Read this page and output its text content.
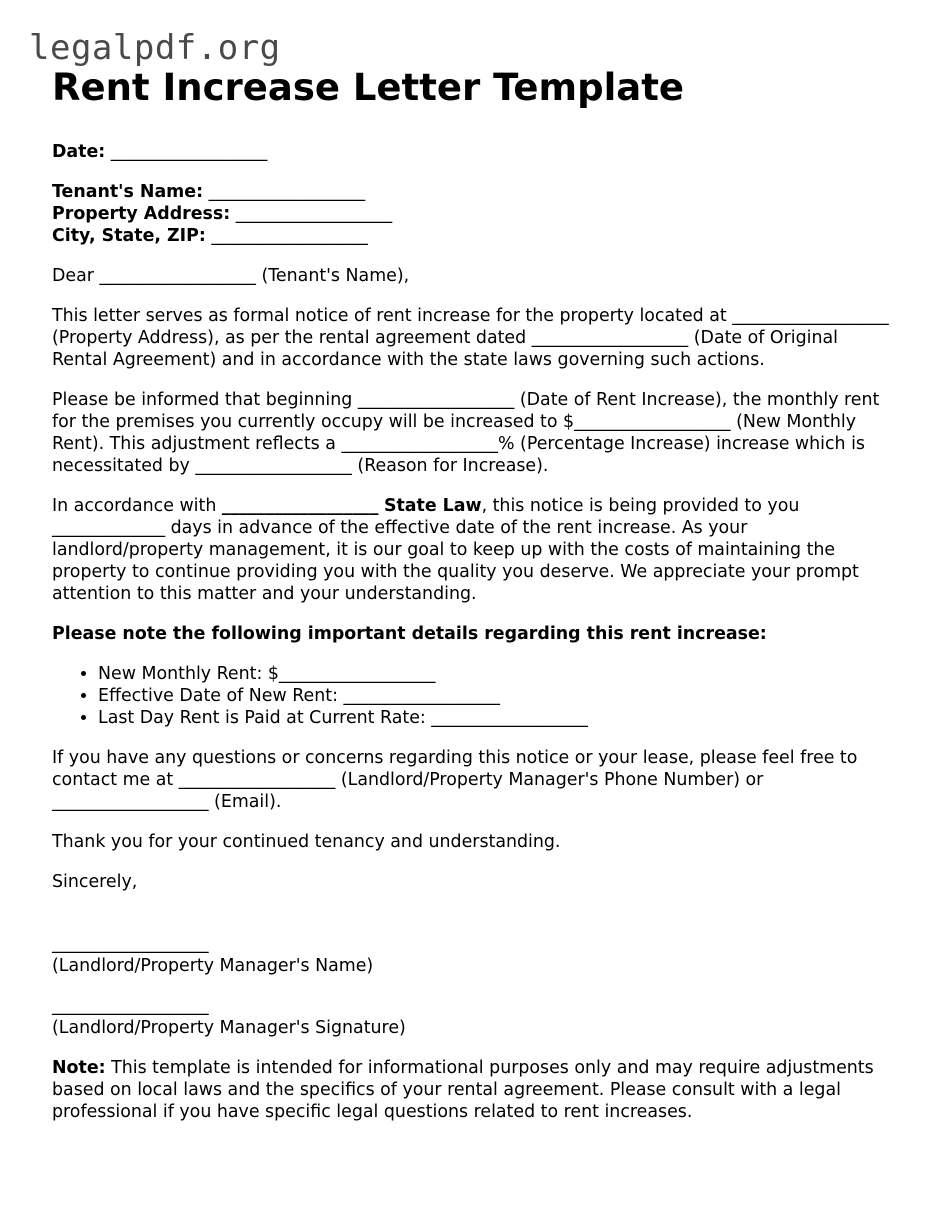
legalpdf.org
Rent Increase Letter Template

Date: __________________

Tenant's Name: __________________

Property Address: __________________

City, State, ZIP: __________________

Dear __________________ (Tenant's Name),

This letter serves as formal notice of rent increase for the property located at __________________ (Property Address), as per the rental agreement dated __________________ (Date of Original Rental Agreement) and in accordance with the state laws governing such actions.

Please be informed that beginning __________________ (Date of Rent Increase), the monthly rent for the premises you currently occupy will be increased to $__________________ (New Monthly Rent). This adjustment reflects a __________________% (Percentage Increase) increase which is necessitated by __________________ (Reason for Increase).

In accordance with __________________ State Law, this notice is being provided to you _____________ days in advance of the effective date of the rent increase. As your landlord/property management, it is our goal to keep up with the costs of maintaining the property to continue providing you with the quality you deserve. We appreciate your prompt attention to this matter and your understanding.

Please note the following important details regarding this rent increase:

• New Monthly Rent: $__________________
• Effective Date of New Rent: __________________
• Last Day Rent is Paid at Current Rate: __________________

If you have any questions or concerns regarding this notice or your lease, please feel free to contact me at __________________ (Landlord/Property Manager's Phone Number) or __________________ (Email).

Thank you for your continued tenancy and understanding.

Sincerely,

__________________

(Landlord/Property Manager's Name)

__________________

(Landlord/Property Manager's Signature)

Note: This template is intended for informational purposes only and may require adjustments based on local laws and the specifics of your rental agreement. Please consult with a legal professional if you have specific legal questions related to rent increases.
